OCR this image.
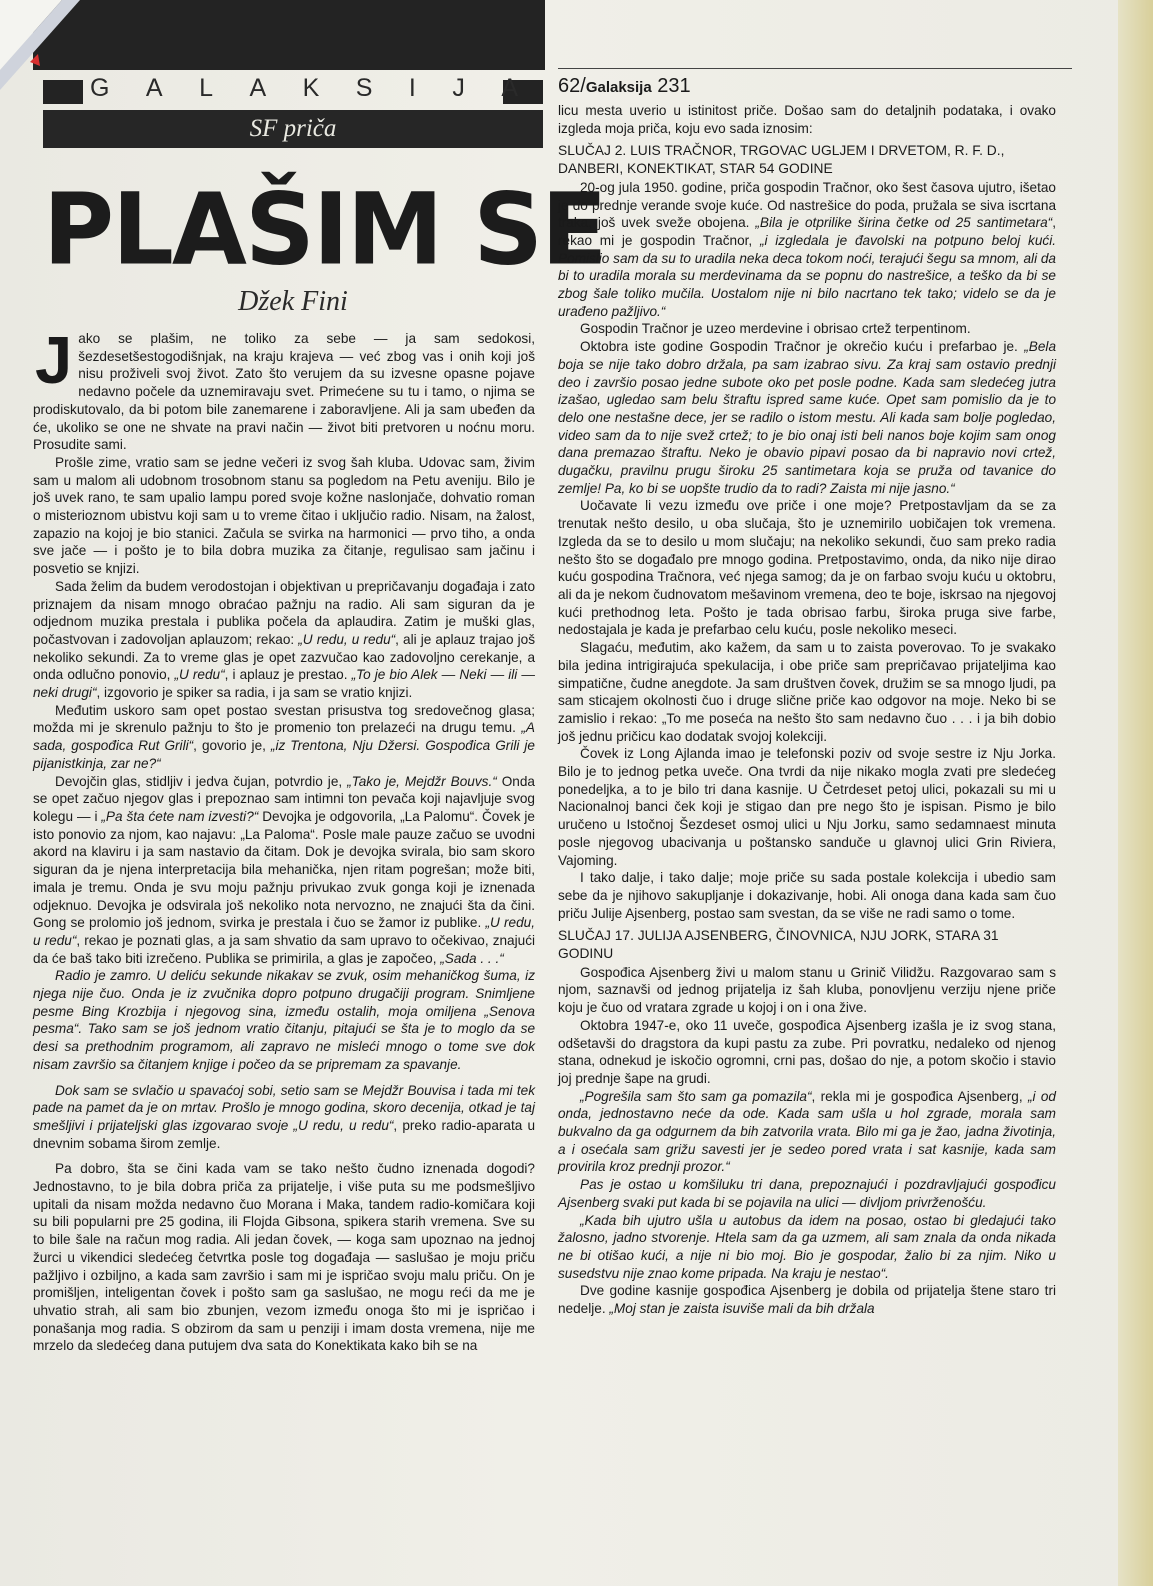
G A L A K S I J A
SF priča
PLAŠIM SE
Džek Fini
62/Galaksija 231

Jako se plašim, ne toliko za sebe — ja sam sedokosi, šezdesetšestogodišnjak, na kraju krajeva — već zbog vas i onih koji još nisu proživeli svoj život. Zato što verujem da su izvesne opasne pojave nedavno počele da uznemiravaju svet. Primećene su tu i tamo, o njima se prodiskutovalo, da bi potom bile zanemarene i zaboravljene. Ali ja sam ubeđen da će, ukoliko se one ne shvate na pravi način — život biti pretvoren u noćnu moru. Prosudite sami.

Prošle zime, vratio sam se jedne večeri iz svog šah kluba. Udovac sam, živim sam u malom ali udobnom trosobnom stanu sa pogledom na Petu aveniju. Bilo je još uvek rano, te sam upalio lampu pored svoje kožne naslonjače, dohvatio roman o misterioznom ubistvu koji sam u to vreme čitao i uključio radio. Nisam, na žalost, zapazio na kojoj je bio stanici. Začula se svirka na harmonici — prvo tiho, a onda sve jače — i pošto je to bila dobra muzika za čitanje, regulisao sam jačinu i posvetio se knjizi.

Sada želim da budem verodostojan i objektivan u prepričavanju događaja i zato priznajem da nisam mnogo obraćao pažnju na radio. Ali sam siguran da je odjednom muzika prestala i publika počela da aplaudira. Zatim je muški glas, počastvovan i zadovoljan aplauzom; rekao: „U redu, u redu“, ali je aplauz trajao još nekoliko sekundi. Za to vreme glas je opet zazvučao kao zadovoljno cerekanje, a onda odlučno ponovio, „U redu“, i aplauz je prestao. „To je bio Alek — Neki — ili — neki drugi“, izgovorio je spiker sa radia, i ja sam se vratio knjizi.

Međutim uskoro sam opet postao svestan prisustva tog sredovečnog glasa; možda mi je skrenulo pažnju to što je promenio ton prelazeći na drugu temu. „A sada, gospođica Rut Grili“, govorio je, „iz Trentona, Nju Džersi. Gospođica Grili je pijanistkinja, zar ne?“

Devojčin glas, stidljiv i jedva čujan, potvrdio je, „Tako je, Mejdžr Bouvs.“ Onda se opet začuo njegov glas i prepoznao sam intimni ton pevača koji najavljuje svog kolegu — i „Pa šta ćete nam izvesti?“ Devojka je odgovorila, „La Palomu“. Čovek je isto ponovio za njom, kao najavu: „La Paloma“. Posle male pauze začuo se uvodni akord na klaviru i ja sam nastavio da čitam. Dok je devojka svirala, bio sam skoro siguran da je njena interpretacija bila mehanička, njen ritam pogrešan; može biti, imala je tremu. Onda je svu moju pažnju privukao zvuk gonga koji je iznenada odjeknuo. Devojka je odsvirala još nekoliko nota nervozno, ne znajući šta da čini. Gong se prolomio još jednom, svirka je prestala i čuo se žamor iz publike. „U redu, u redu“, rekao je poznati glas, a ja sam shvatio da sam upravo to očekivao, znajući da će baš tako biti izrečeno. Publika se primirila, a glas je započeo, „Sada . . .“

Radio je zamro. U deliću sekunde nikakav se zvuk, osim mehaničkog šuma, iz njega nije čuo. Onda je iz zvučnika dopro potpuno drugačiji program. Snimljene pesme Bing Krozbija i njegovog sina, između ostalih, moja omiljena „Senova pesma“. Tako sam se još jednom vratio čitanju, pitajući se šta je to moglo da se desi sa prethodnim programom, ali zapravo ne misleći mnogo o tome sve dok nisam završio sa čitanjem knjige i počeo da se pripremam za spavanje.

Dok sam se svlačio u spavaćoj sobi, setio sam se Mejdžr Bouvisa i tada mi tek pade na pamet da je on mrtav. Prošlo je mnogo godina, skoro decenija, otkad je taj smešljivi i prijateljski glas izgovarao svoje „U redu, u redu“, preko radio-aparata u dnevnim sobama širom zemlje.

Pa dobro, šta se čini kada vam se tako nešto čudno iznenada dogodi? Jednostavno, to je bila dobra priča za prijatelje, i više puta su me podsmešljivo upitali da nisam možda nedavno čuo Morana i Maka, tandem radio-komičara koji su bili popularni pre 25 godina, ili Flojda Gibsona, spikera starih vremena. Sve su to bile šale na račun mog radia. Ali jedan čovek, — koga sam upoznao na jednoj žurci u vikendici sledećeg četvrtka posle tog događaja — saslušao je moju priču pažljivo i ozbiljno, a kada sam završio i sam mi je ispričao svoju malu priču. On je promišljen, inteligentan čovek i pošto sam ga saslušao, ne mogu reći da me je uhvatio strah, ali sam bio zbunjen, vezom između onoga što mi je ispričao i ponašanja mog radia. S obzirom da sam u penziji i imam dosta vremena, nije me mrzelo da sledećeg dana putujem dva sata do Konektikata kako bih se na

licu mesta uverio u istinitost priče. Došao sam do detaljnih podataka, i ovako izgleda moja priča, koju evo sada iznosim:

SLUČAJ 2. LUIS TRAČNOR, TRGOVAC UGLJEM I DRVETOM, R. F. D., DANBERI, KONEKTIKAT, STAR 54 GODINE

20-og jula 1950. godine, priča gospodin Tračnor, oko šest časova ujutro, išetao je do prednje verande svoje kuće. Od nastrešice do poda, pružala se siva iscrtana traka, još uvek sveže obojena. „Bila je otprilike širina četke od 25 santimetara“, rekao mi je gospodin Tračnor, „i izgledala je đavolski na potpuno beloj kući. Pomislio sam da su to uradila neka deca tokom noći, terajući šegu sa mnom, ali da bi to uradila morala su merdevinama da se popnu do nastrešice, a teško da bi se zbog šale toliko mučila. Uostalom nije ni bilo nacrtano tek tako; videlo se da je urađeno pažljivo.“

Gospodin Tračnor je uzeo merdevine i obrisao crtež terpentinom.

Oktobra iste godine Gospodin Tračnor je okrečio kuću i prefarbao je. „Bela boja se nije tako dobro držala, pa sam izabrao sivu. Za kraj sam ostavio prednji deo i završio posao jedne subote oko pet posle podne. Kada sam sledećeg jutra izašao, ugledao sam belu štraftu ispred same kuće. Opet sam pomislio da je to delo one nestašne dece, jer se radilo o istom mestu. Ali kada sam bolje pogledao, video sam da to nije svež crtež; to je bio onaj isti beli nanos boje kojim sam onog dana premazao štraftu. Neko je obavio pipavi posao da bi napravio novi crtež, dugačku, pravilnu prugu široku 25 santimetara koja se pruža od tavanice do zemlje! Pa, ko bi se uopšte trudio da to radi? Zaista mi nije jasno.“

Uočavate li vezu između ove priče i one moje? Pretpostavljam da se za trenutak nešto desilo, u oba slučaja, što je uznemirilo uobičajen tok vremena. Izgleda da se to desilo u mom slučaju; na nekoliko sekundi, čuo sam preko radia nešto što se događalo pre mnogo godina. Pretpostavimo, onda, da niko nije dirao kuću gospodina Tračnora, već njega samog; da je on farbao svoju kuću u oktobru, ali da je nekom čudnovatom mešavinom vremena, deo te boje, iskrsao na njegovoj kući prethodnog leta. Pošto je tada obrisao farbu, široka pruga sive farbe, nedostajala je kada je prefarbao celu kuću, posle nekoliko meseci.

Slagaću, međutim, ako kažem, da sam u to zaista poverovao. To je svakako bila jedina intrigirajuća spekulacija, i obe priče sam prepričavao prijateljima kao simpatične, čudne anegdote. Ja sam društven čovek, družim se sa mnogo ljudi, pa sam sticajem okolnosti čuo i druge slične priče kao odgovor na moje. Neko bi se zamislio i rekao: „To me poseća na nešto što sam nedavno čuo . . . i ja bih dobio još jednu pričicu kao dodatak svojoj kolekciji.

Čovek iz Long Ajlanda imao je telefonski poziv od svoje sestre iz Nju Jorka. Bilo je to jednog petka uveče. Ona tvrdi da nije nikako mogla zvati pre sledećeg ponedeljka, a to je bilo tri dana kasnije. U Četrdeset petoj ulici, pokazali su mi u Nacionalnoj banci ček koji je stigao dan pre nego što je ispisan. Pismo je bilo uručeno u Istočnoj Šezdeset osmoj ulici u Nju Jorku, samo sedamnaest minuta posle njegovog ubacivanja u poštansko sanduče u glavnoj ulici Grin Riviera, Vajoming.

I tako dalje, i tako dalje; moje priče su sada postale kolekcija i ubedio sam sebe da je njihovo sakupljanje i dokazivanje, hobi. Ali onoga dana kada sam čuo priču Julije Ajsenberg, postao sam svestan, da se više ne radi samo o tome.

SLUČAJ 17. JULIJA AJSENBERG, ČINOVNICA, NJU JORK, STARA 31 GODINU

Gospođica Ajsenberg živi u malom stanu u Grinič Vilidžu. Razgovarao sam s njom, saznavši od jednog prijatelja iz šah kluba, ponovljenu verziju njene priče koju je čuo od vratara zgrade u kojoj i on i ona žive.

Oktobra 1947-e, oko 11 uveče, gospođica Ajsenberg izašla je iz svog stana, odšetavši do dragstora da kupi pastu za zube. Pri povratku, nedaleko od njenog stana, odnekud je iskočio ogromni, crni pas, došao do nje, a potom skočio i stavio joj prednje šape na grudi.

„Pogrešila sam što sam ga pomazila“, rekla mi je gospođica Ajsenberg, „i od onda, jednostavno neće da ode. Kada sam ušla u hol zgrade, morala sam bukvalno da ga odgurnem da bih zatvorila vrata. Bilo mi ga je žao, jadna životinja, a i osećala sam grižu savesti jer je sedeo pored vrata i sat kasnije, kada sam provirila kroz prednji prozor.“

Pas je ostao u komšiluku tri dana, prepoznajući i pozdravljajući gospođicu Ajsenberg svaki put kada bi se pojavila na ulici — divljom privrženošću.

„Kada bih ujutro ušla u autobus da idem na posao, ostao bi gledajući tako žalosno, jadno stvorenje. Htela sam da ga uzmem, ali sam znala da onda nikada ne bi otišao kući, a nije ni bio moj. Bio je gospodar, žalio bi za njim. Niko u susedstvu nije znao kome pripada. Na kraju je nestao“.

Dve godine kasnije gospođica Ajsenberg je dobila od prijatelja štene staro tri nedelje. „Moj stan je zaista isuviše mali da bih držala
